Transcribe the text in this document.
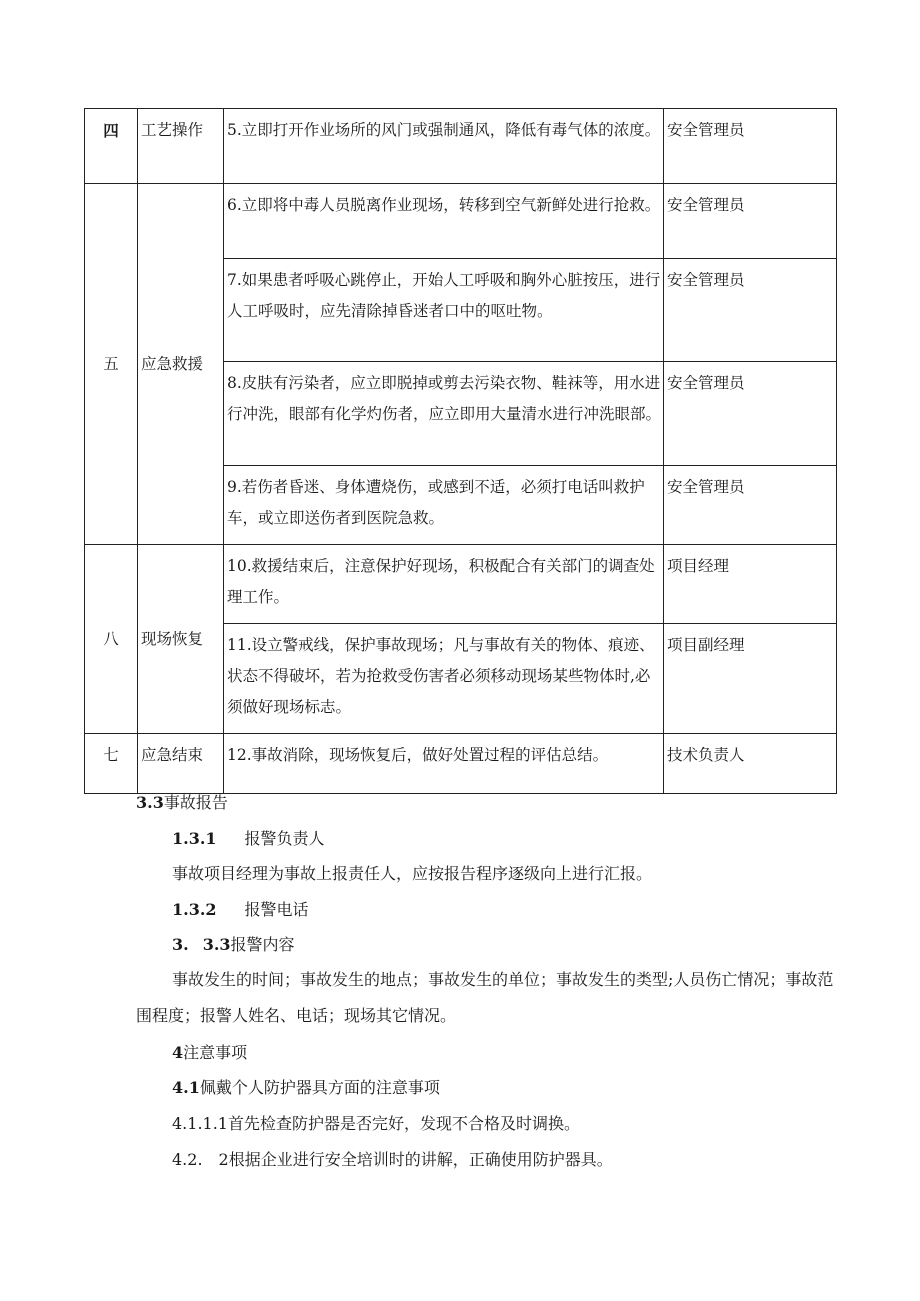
四	工艺操作	5.立即打开作业场所的风门或强制通风，降低有毒气体的浓度。	安全管理员
五	应急救援	6.立即将中毒人员脱离作业现场，转移到空气新鲜处进行抢救。	安全管理员
		7.如果患者呼吸心跳停止，开始人工呼吸和胸外心脏按压，进行人工呼吸时，应先清除掉昏迷者口中的呕吐物。	安全管理员
		8.皮肤有污染者，应立即脱掉或剪去污染衣物、鞋袜等，用水进行冲洗，眼部有化学灼伤者，应立即用大量清水进行冲洗眼部。	安全管理员
		9.若伤者昏迷、身体遭烧伤，或感到不适，必须打电话叫救护车，或立即送伤者到医院急救。	安全管理员
八	现场恢复	10.救援结束后，注意保护好现场，积极配合有关部门的调查处理工作。	项目经理
		11.设立警戒线，保护事故现场；凡与事故有关的物体、痕迹、状态不得破坏，若为抢救受伤害者必须移动现场某些物体时,必须做好现场标志。	项目副经理
七	应急结束	12.事故消除，现场恢复后，做好处置过程的评估总结。	技术负责人
3.3事故报告
1.3.1 报警负责人
事故项目经理为事故上报责任人，应按报告程序逐级向上进行汇报。
1.3.2 报警电话
3. 3.3报警内容
事故发生的时间；事故发生的地点；事故发生的单位；事故发生的类型;人员伤亡情况；事故范围程度；报警人姓名、电话；现场其它情况。
4注意事项
4.1佩戴个人防护器具方面的注意事项
4.1.1.1首先检查防护器是否完好，发现不合格及时调换。
4.2.　2根据企业进行安全培训时的讲解，正确使用防护器具。
